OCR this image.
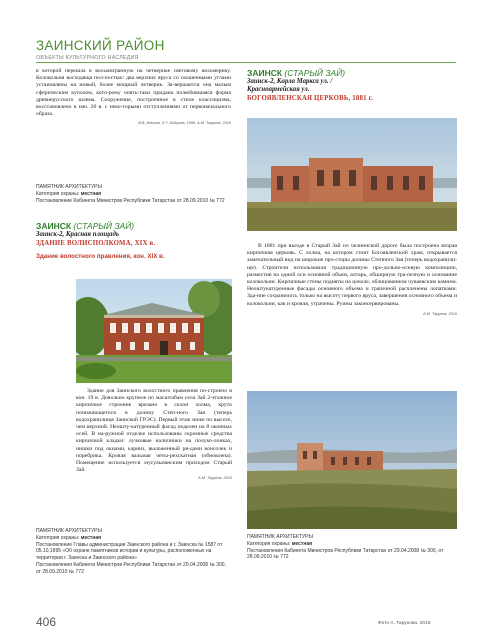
ЗАИНСКИЙ РАЙОН
ОБЪЕКТЫ КУЛЬТУРНОГО НАСЛЕДИЯ

в которой перешла в восьмигранную на четверике световому восьмерику. Колокольня восходяща пол-постью: два верхних яруса со скошенными углами установлены на новый, более мощный четверик. За-вершается она малым сферическим куполом, кото-рому опять-таки придана полюбившаяся форма древнерусского шлема. Сооружение, построенное в стиле классицизма, восстановлено в нач. 20 в. с неко-торыми отступлениями от первоначального образа.

В.В. Ильина, Л.Т. Бойцова, 1999, А.М. Тарунов, 2016
ПАМЯТНИК АРХИТЕКТУРЫ
Категория охраны: местная
Постановление Кабинета Министров Республики Татарстан от 28.09.2010 № 772
ЗАИНСК (СТАРЫЙ ЗАЙ)
Заинск-2, Красная площадь
ЗДАНИЕ ВОЛИСПОЛКОМА, XIX в.
Здание волостного правления, кон. XIX в.

Здание для Заинского волостного правления по-строено в кон. 19 в. Довольно крупное по масштабам села Зай 2-этажное кирпичное строение врезано в склон холма, круто понижающегося в долину Степ-ного Зая (теперь водохранилище Заинской ГРЭС). Первый этаж ниже по высоте, чем верхний. Неошту-катуренный фасад поделен на 8 оконных осей. В на-ружной отделке использованы скромные средства кирпичной кладки: лучковые наличники на полуко-лонках, нишки под окнами, карниз, выложенный ря-дами консолек и поребрика. Кровля вальмая четы-рехскатная (обновлена). Помещение используется мусульманским приходом Старый Зай.

А.М. Тарунов, 2016
ПАМЯТНИК АРХИТЕКТУРЫ
Категория охраны: местная
Постановление Главы администрации Заинского района и г. Заинска № 1587 от 05.10.1995 «Об охране памятников истории и культуры, расположенных на территории г. Заинска и Заинского района»
Постановления Кабинета Министров Республики Татарстан от 29.04.2008 № 300, от 28.09.2010 № 772
ЗАИНСК (СТАРЫЙ ЗАЙ)
Заинск-2, Карла Маркса ул. /
Красноармейская ул.
БОГОЯВЛЕНСКАЯ ЦЕРКОВЬ, 1881 г.

В 1881 при въезде в Старый Зай по челнинской дороге была построена вторая кирпичная церковь. С холма, на котором стоит Богоявленский храм, открывается замечательный вид на широкие про-сторы долины Степного Зая (теперь водохранили-ще). Строители использовали традиционную про-дольно-осевую композицию, разместив на одной оси основной объем, алтарь, обширную тра-пезную и основание колокольни. Кирпичные стены подняты на цоколе, облицованном чуваевским камнем. Неоштукатуренные фасады основного объема и трапезной расчленены лопатками. Зда-ние сохранилось только на высоту первого яруса, завершения основного объема и колокольни, как и кровля, утрачены. Руины законсервированы.

А.М. Тарунов, 2016
ПАМЯТНИК АРХИТЕКТУРЫ
Категория охраны: местная
Постановления Кабинета Министров Республики Татарстан от 29.04.2008 № 300, от 28.09.2010 № 772
406	Фото А. Тарунова, 2016
